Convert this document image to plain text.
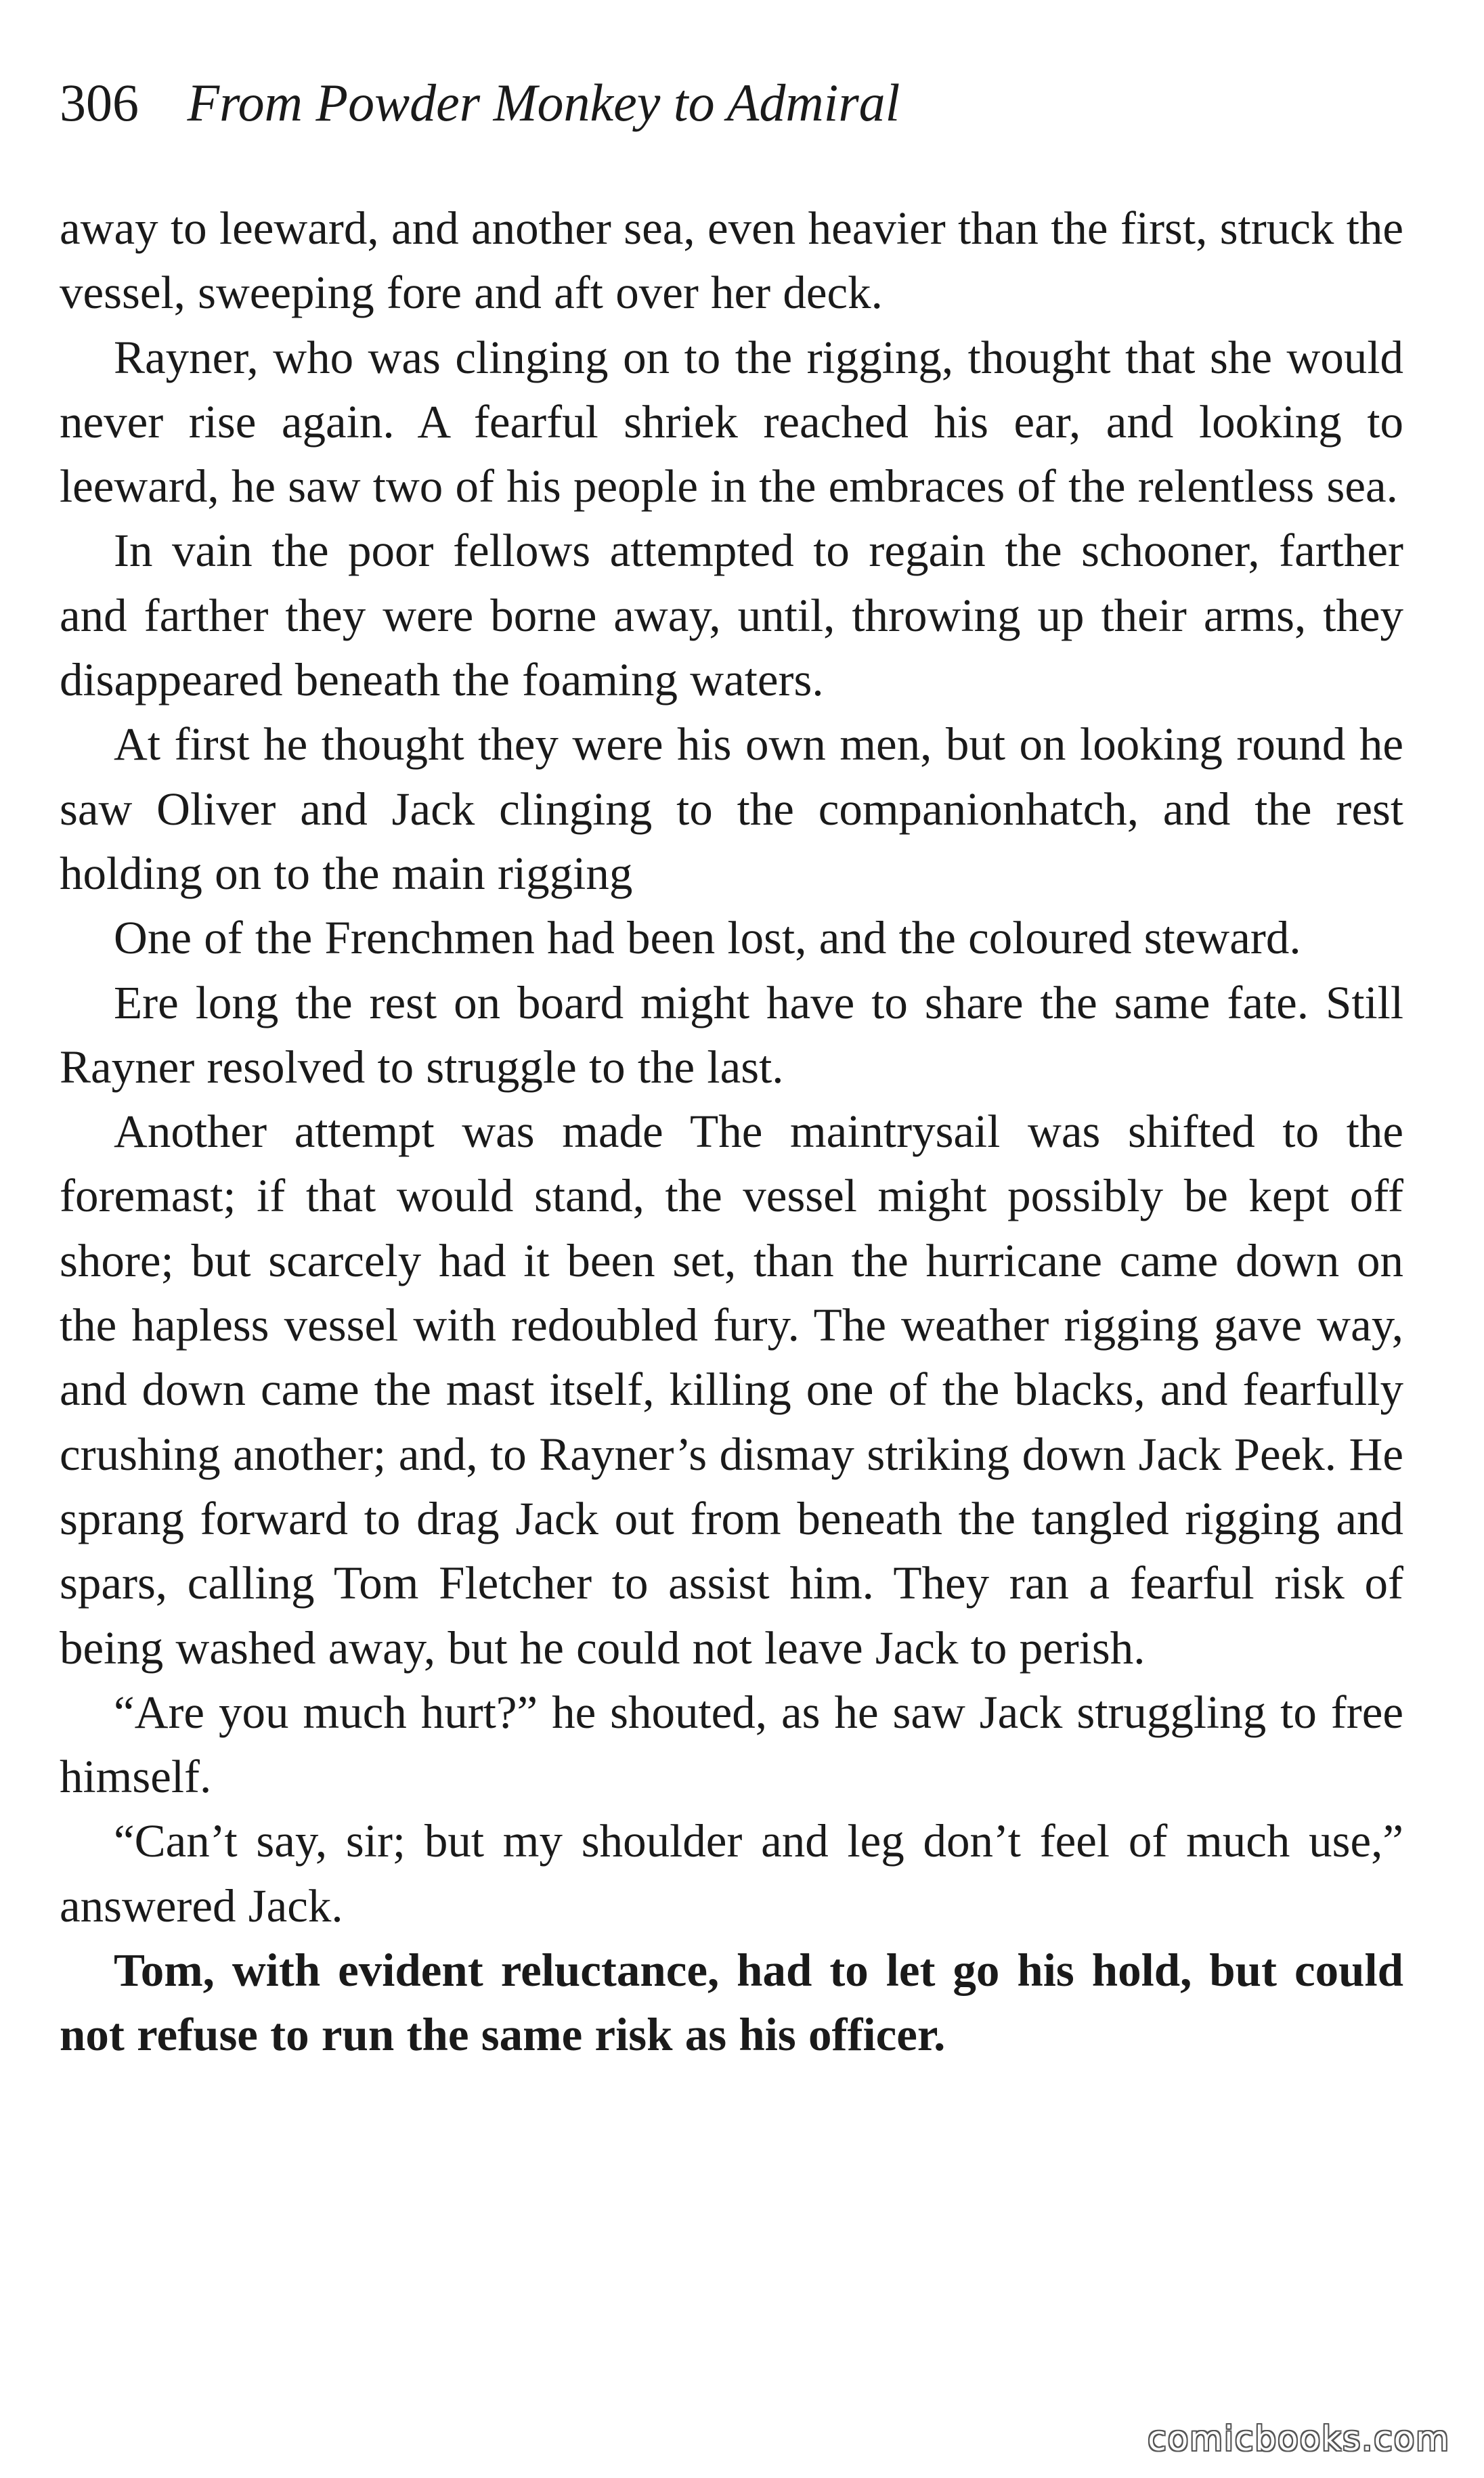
306 From Powder Monkey to Admiral

away to leeward, and another sea, even heavier than the first, struck the vessel, sweeping fore and aft over her deck.

Rayner, who was clinging on to the rigging, thought that she would never rise again. A fearful shriek reached his ear, and looking to leeward, he saw two of his people in the embraces of the relentless sea.

In vain the poor fellows attempted to regain the schooner, farther and farther they were borne away, until, throwing up their arms, they disappeared beneath the foaming waters.

At first he thought they were his own men, but on looking round he saw Oliver and Jack clinging to the companionhatch, and the rest holding on to the main rigging

One of the Frenchmen had been lost, and the coloured steward.

Ere long the rest on board might have to share the same fate. Still Rayner resolved to struggle to the last.

Another attempt was made The maintrysail was shifted to the foremast; if that would stand, the vessel might possibly be kept off shore; but scarcely had it been set, than the hurricane came down on the hapless vessel with redoubled fury. The weather rigging gave way, and down came the mast itself, killing one of the blacks, and fearfully crushing another; and, to Rayner’s dismay striking down Jack Peek. He sprang forward to drag Jack out from beneath the tangled rigging and spars, calling Tom Fletcher to assist him. They ran a fearful risk of being washed away, but he could not leave Jack to perish.

“Are you much hurt?” he shouted, as he saw Jack struggling to free himself.

“Can’t say, sir; but my shoulder and leg don’t feel of much use,” answered Jack.

Tom, with evident reluctance, had to let go his hold, but could not refuse to run the same risk as his officer.

comicbooks.com
